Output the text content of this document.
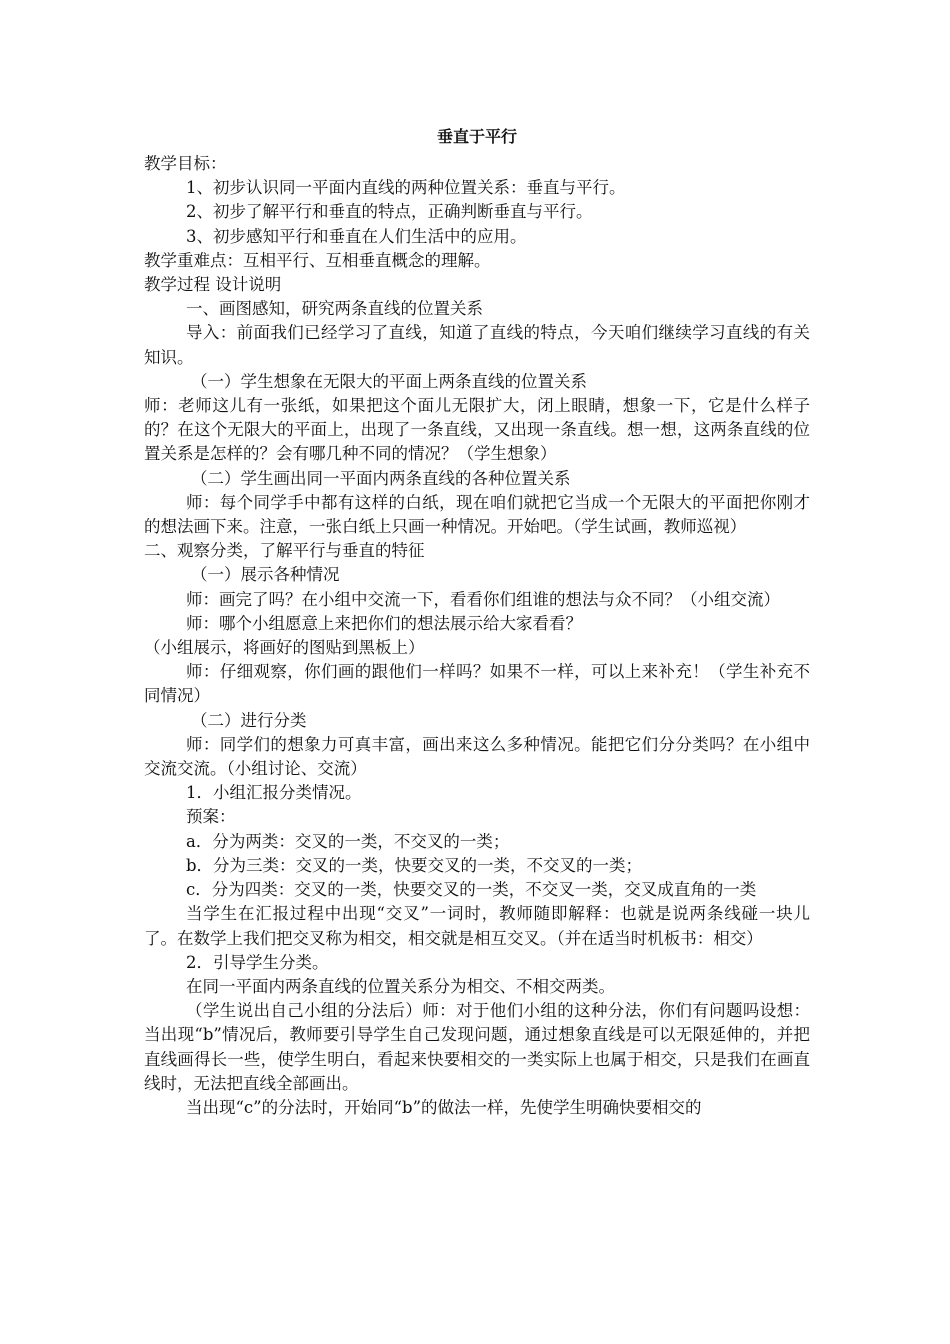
垂直于平行

教学目标：

1、初步认识同一平面内直线的两种位置关系：垂直与平行。

2、初步了解平行和垂直的特点，正确判断垂直与平行。

3、初步感知平行和垂直在人们生活中的应用。

教学重难点：互相平行、互相垂直概念的理解。

教学过程 设计说明

一、画图感知，研究两条直线的位置关系

导入：前面我们已经学习了直线，知道了直线的特点，今天咱们继续学习直线的有关知识。

（一）学生想象在无限大的平面上两条直线的位置关系

师：老师这儿有一张纸，如果把这个面儿无限扩大，闭上眼睛，想象一下，它是什么样子的？在这个无限大的平面上，出现了一条直线，又出现一条直线。想一想，这两条直线的位置关系是怎样的？会有哪几种不同的情况？（学生想象）

（二）学生画出同一平面内两条直线的各种位置关系

师：每个同学手中都有这样的白纸，现在咱们就把它当成一个无限大的平面把你刚才的想法画下来。注意，一张白纸上只画一种情况。开始吧。（学生试画，教师巡视）

二、观察分类，了解平行与垂直的特征

（一）展示各种情况

师：画完了吗？在小组中交流一下，看看你们组谁的想法与众不同？（小组交流）

师：哪个小组愿意上来把你们的想法展示给大家看看？

（小组展示，将画好的图贴到黑板上）

师：仔细观察，你们画的跟他们一样吗？如果不一样，可以上来补充！（学生补充不同情况）

（二）进行分类

师：同学们的想象力可真丰富，画出来这么多种情况。能把它们分分类吗？在小组中交流交流。（小组讨论、交流）

1．小组汇报分类情况。

预案：

a．分为两类：交叉的一类，不交叉的一类；

b．分为三类：交叉的一类，快要交叉的一类，不交叉的一类；

c．分为四类：交叉的一类，快要交叉的一类，不交叉一类，交叉成直角的一类

当学生在汇报过程中出现“交叉”一词时，教师随即解释：也就是说两条线碰一块儿了。在数学上我们把交叉称为相交，相交就是相互交叉。（并在适当时机板书：相交）

2．引导学生分类。

在同一平面内两条直线的位置关系分为相交、不相交两类。

（学生说出自己小组的分法后）师：对于他们小组的这种分法，你们有问题吗设想：当出现“b”情况后，教师要引导学生自己发现问题，通过想象直线是可以无限延伸的，并把直线画得长一些，使学生明白，看起来快要相交的一类实际上也属于相交，只是我们在画直线时，无法把直线全部画出。

当出现“c”的分法时，开始同“b”的做法一样，先使学生明确快要相交的
